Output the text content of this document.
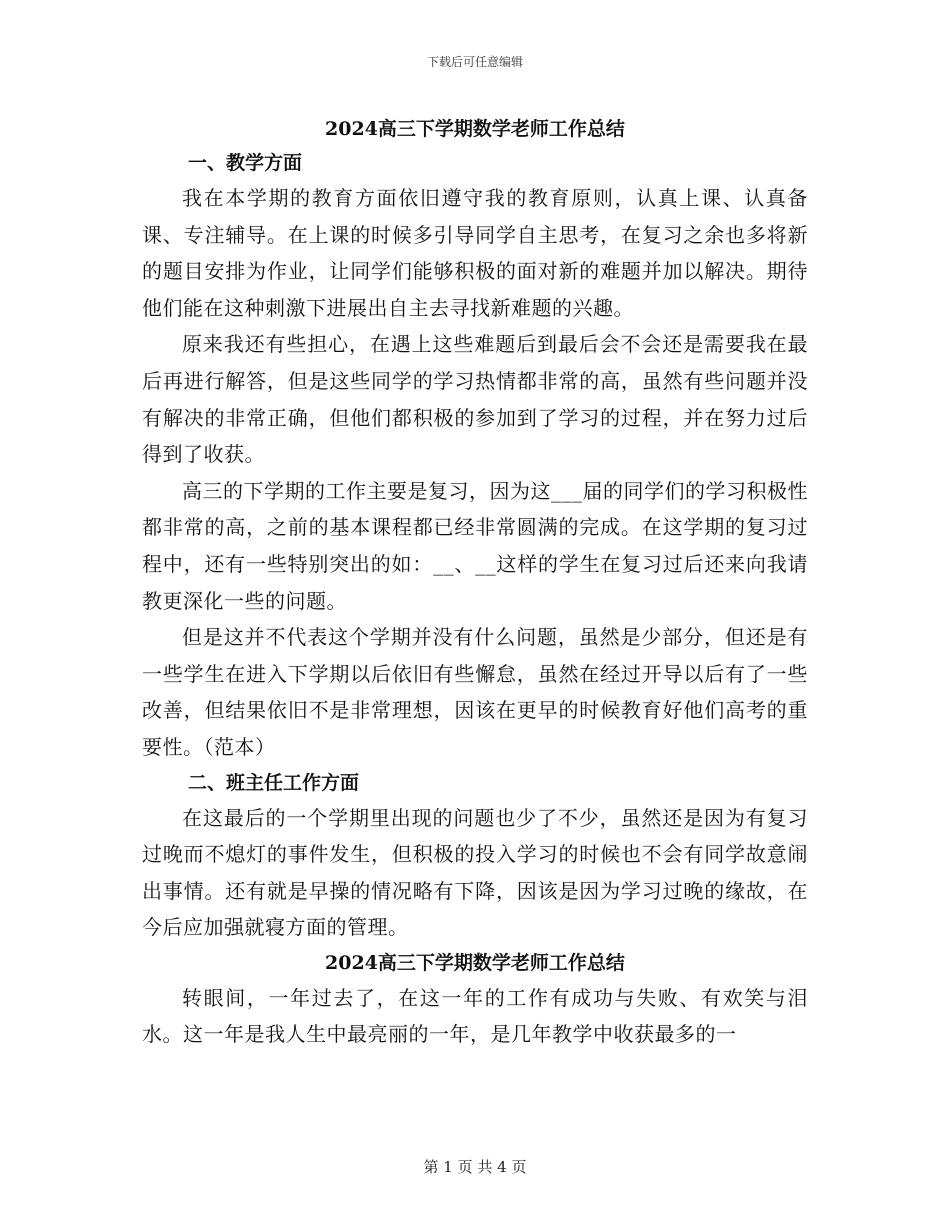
下载后可任意编辑
2024高三下学期数学老师工作总结
一、教学方面

我在本学期的教育方面依旧遵守我的教育原则，认真上课、认真备课、专注辅导。在上课的时候多引导同学自主思考，在复习之余也多将新的题目安排为作业，让同学们能够积极的面对新的难题并加以解决。期待他们能在这种刺激下进展出自主去寻找新难题的兴趣。

原来我还有些担心，在遇上这些难题后到最后会不会还是需要我在最后再进行解答，但是这些同学的学习热情都非常的高，虽然有些问题并没有解决的非常正确，但他们都积极的参加到了学习的过程，并在努力过后得到了收获。

高三的下学期的工作主要是复习，因为这___届的同学们的学习积极性都非常的高，之前的基本课程都已经非常圆满的完成。在这学期的复习过程中，还有一些特别突出的如：__、__这样的学生在复习过后还来向我请教更深化一些的问题。

但是这并不代表这个学期并没有什么问题，虽然是少部分，但还是有一些学生在进入下学期以后依旧有些懈怠，虽然在经过开导以后有了一些改善，但结果依旧不是非常理想，因该在更早的时候教育好他们高考的重要性。（范本）

二、班主任工作方面

在这最后的一个学期里出现的问题也少了不少，虽然还是因为有复习过晚而不熄灯的事件发生，但积极的投入学习的时候也不会有同学故意闹出事情。还有就是早操的情况略有下降，因该是因为学习过晚的缘故，在今后应加强就寝方面的管理。

2024高三下学期数学老师工作总结

转眼间，一年过去了，在这一年的工作有成功与失败、有欢笑与泪水。这一年是我人生中最亮丽的一年，是几年教学中收获最多的一

第 1 页 共 4 页
